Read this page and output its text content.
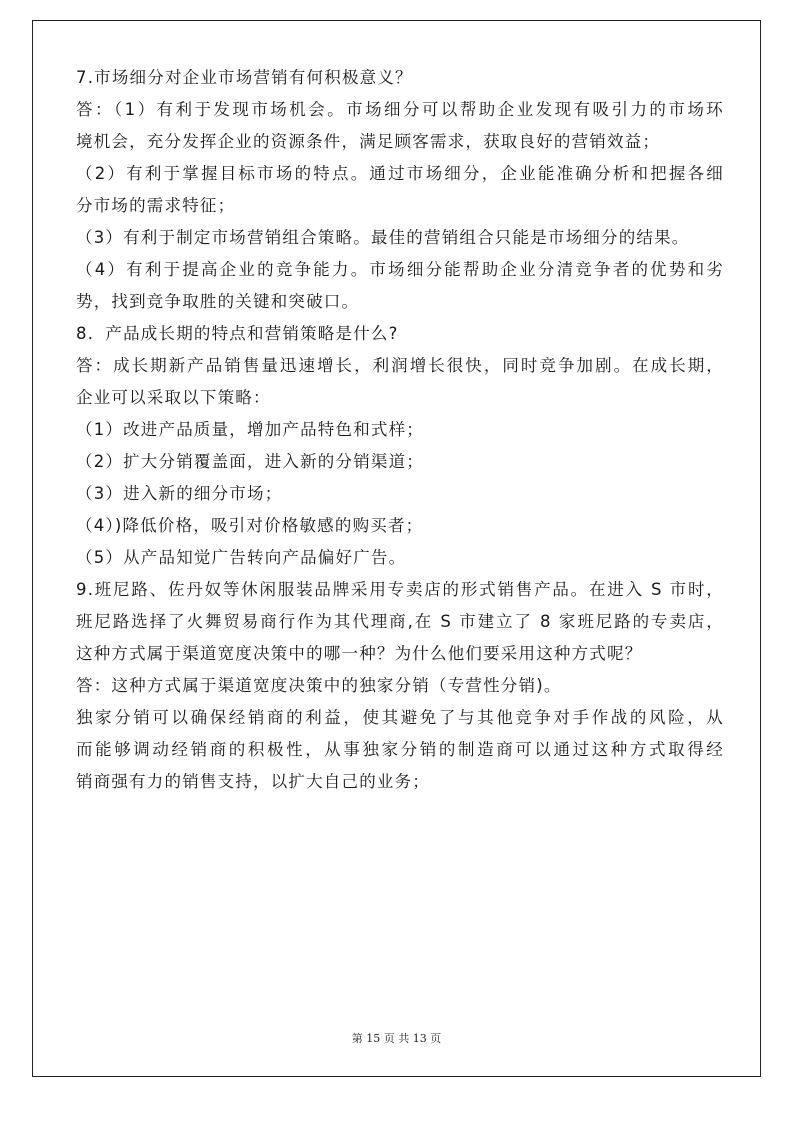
7.市场细分对企业市场营销有何积极意义？
答：（1）有利于发现市场机会。市场细分可以帮助企业发现有吸引力的市场环
境机会，充分发挥企业的资源条件，满足顾客需求，获取良好的营销效益；
（2）有利于掌握目标市场的特点。通过市场细分，企业能准确分析和把握各细
分市场的需求特征；
（3）有利于制定市场营销组合策略。最佳的营销组合只能是市场细分的结果。
（4）有利于提高企业的竞争能力。市场细分能帮助企业分清竞争者的优势和劣
势，找到竞争取胜的关键和突破口。
8．产品成长期的特点和营销策略是什么?
答：成长期新产品销售量迅速增长，利润增长很快，同时竞争加剧。在成长期，
企业可以采取以下策略：
（1）改进产品质量，增加产品特色和式样；
（2）扩大分销覆盖面，进入新的分销渠道；
（3）进入新的细分市场；
（4）)降低价格，吸引对价格敏感的购买者；
（5）从产品知觉广告转向产品偏好广告。
9.班尼路、佐丹奴等休闲服装品牌采用专卖店的形式销售产品。在进入 S 市时，
班尼路选择了火舞贸易商行作为其代理商,在 S 市建立了 8 家班尼路的专卖店，
这种方式属于渠道宽度决策中的哪一种？为什么他们要采用这种方式呢？
答：这种方式属于渠道宽度决策中的独家分销（专营性分销)。
独家分销可以确保经销商的利益，使其避免了与其他竞争对手作战的风险，从
而能够调动经销商的积极性，从事独家分销的制造商可以通过这种方式取得经
销商强有力的销售支持，以扩大自己的业务；
第 15 页 共 13 页
